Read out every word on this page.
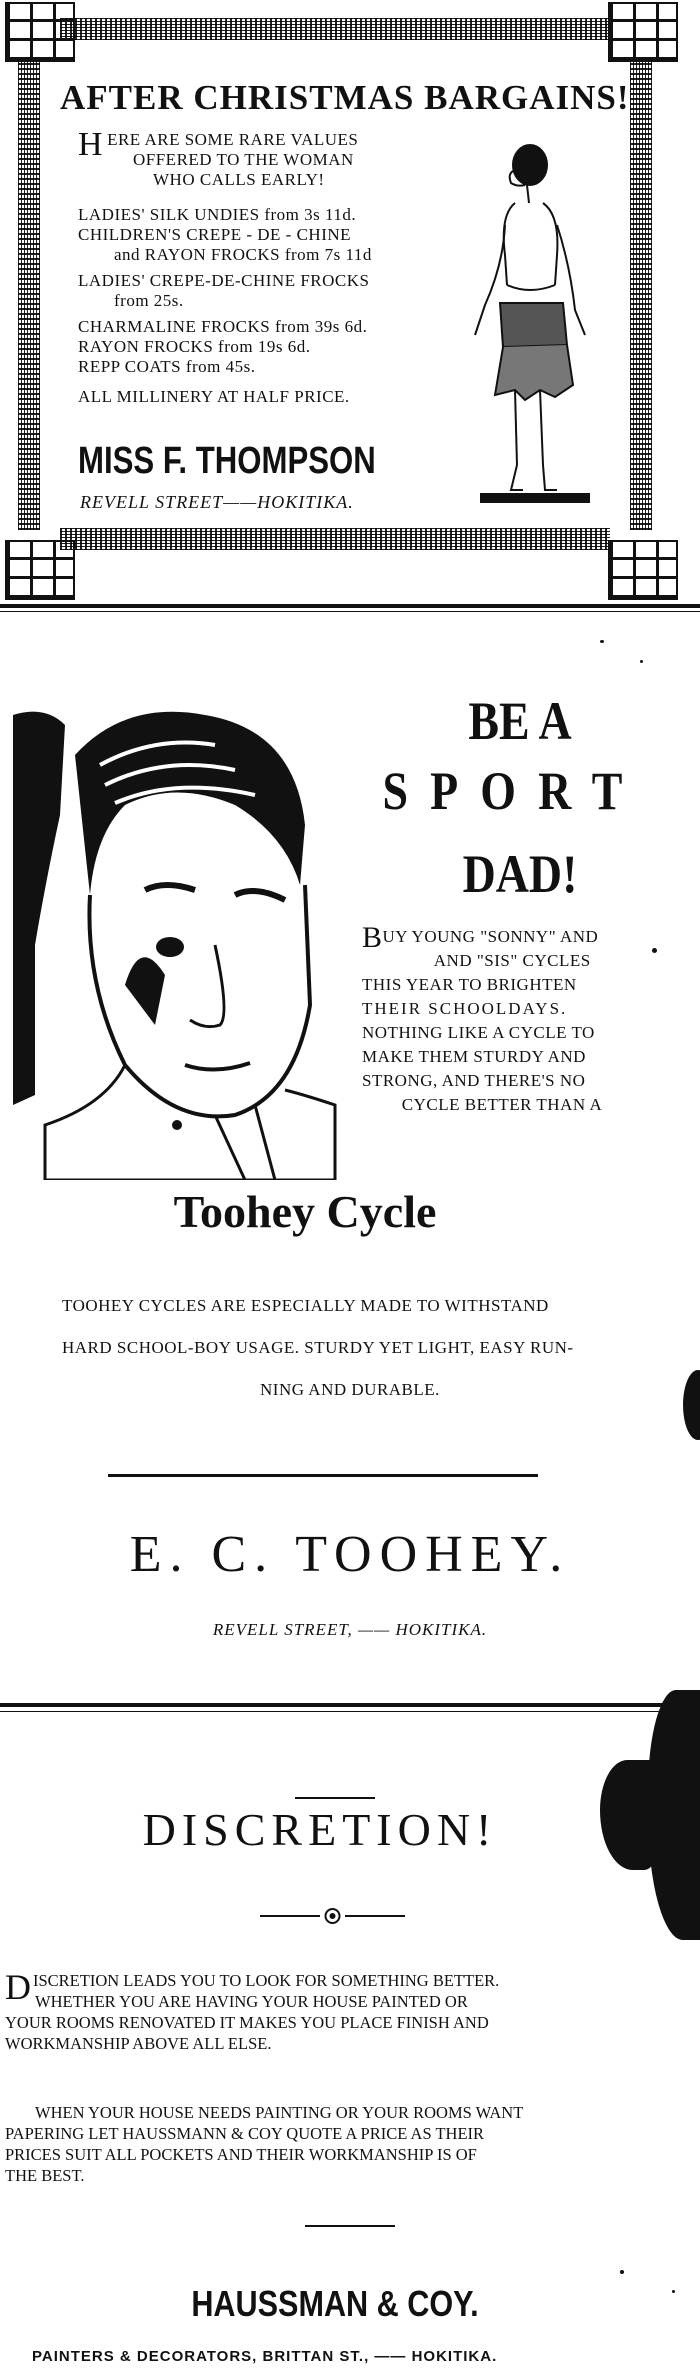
AFTER CHRISTMAS BARGAINS!
H ERE ARE SOME RARE VALUES
OFFERED TO THE WOMAN
WHO CALLS EARLY!
LADIES' SILK UNDIES from 3s 11d.
CHILDREN'S CREPE - DE - CHINE
and RAYON FROCKS from 7s 11d
LADIES' CREPE-DE-CHINE FROCKS
from 25s.
CHARMALINE FROCKS from 39s 6d.
RAYON FROCKS from 19s 6d.
REPP COATS from 45s.
ALL MILLINERY AT HALF PRICE.
MISS F. THOMPSON
REVELL STREET——HOKITIKA.
BE A
SPORT
DAD!
BUY YOUNG "SONNY" AND
AND "SIS" CYCLES
THIS YEAR TO BRIGHTEN
THEIR SCHOOLDAYS.
NOTHING LIKE A CYCLE TO
MAKE THEM STURDY AND
STRONG, AND THERE'S NO
CYCLE BETTER THAN A
Toohey Cycle
TOOHEY CYCLES ARE ESPECIALLY MADE TO WITHSTAND
HARD SCHOOL-BOY USAGE. STURDY YET LIGHT, EASY RUN-
NING AND DURABLE.
E. C. TOOHEY.
REVELL STREET, —— HOKITIKA.
DISCRETION!
DISCRETION LEADS YOU TO LOOK FOR SOMETHING BETTER.
WHETHER YOU ARE HAVING YOUR HOUSE PAINTED OR
YOUR ROOMS RENOVATED IT MAKES YOU PLACE FINISH AND
WORKMANSHIP ABOVE ALL ELSE.
WHEN YOUR HOUSE NEEDS PAINTING OR YOUR ROOMS WANT
PAPERING LET HAUSSMANN & COY QUOTE A PRICE AS THEIR
PRICES SUIT ALL POCKETS AND THEIR WORKMANSHIP IS OF
THE BEST.
HAUSSMAN & COY.
PAINTERS & DECORATORS, BRITTAN ST., —— HOKITIKA.
